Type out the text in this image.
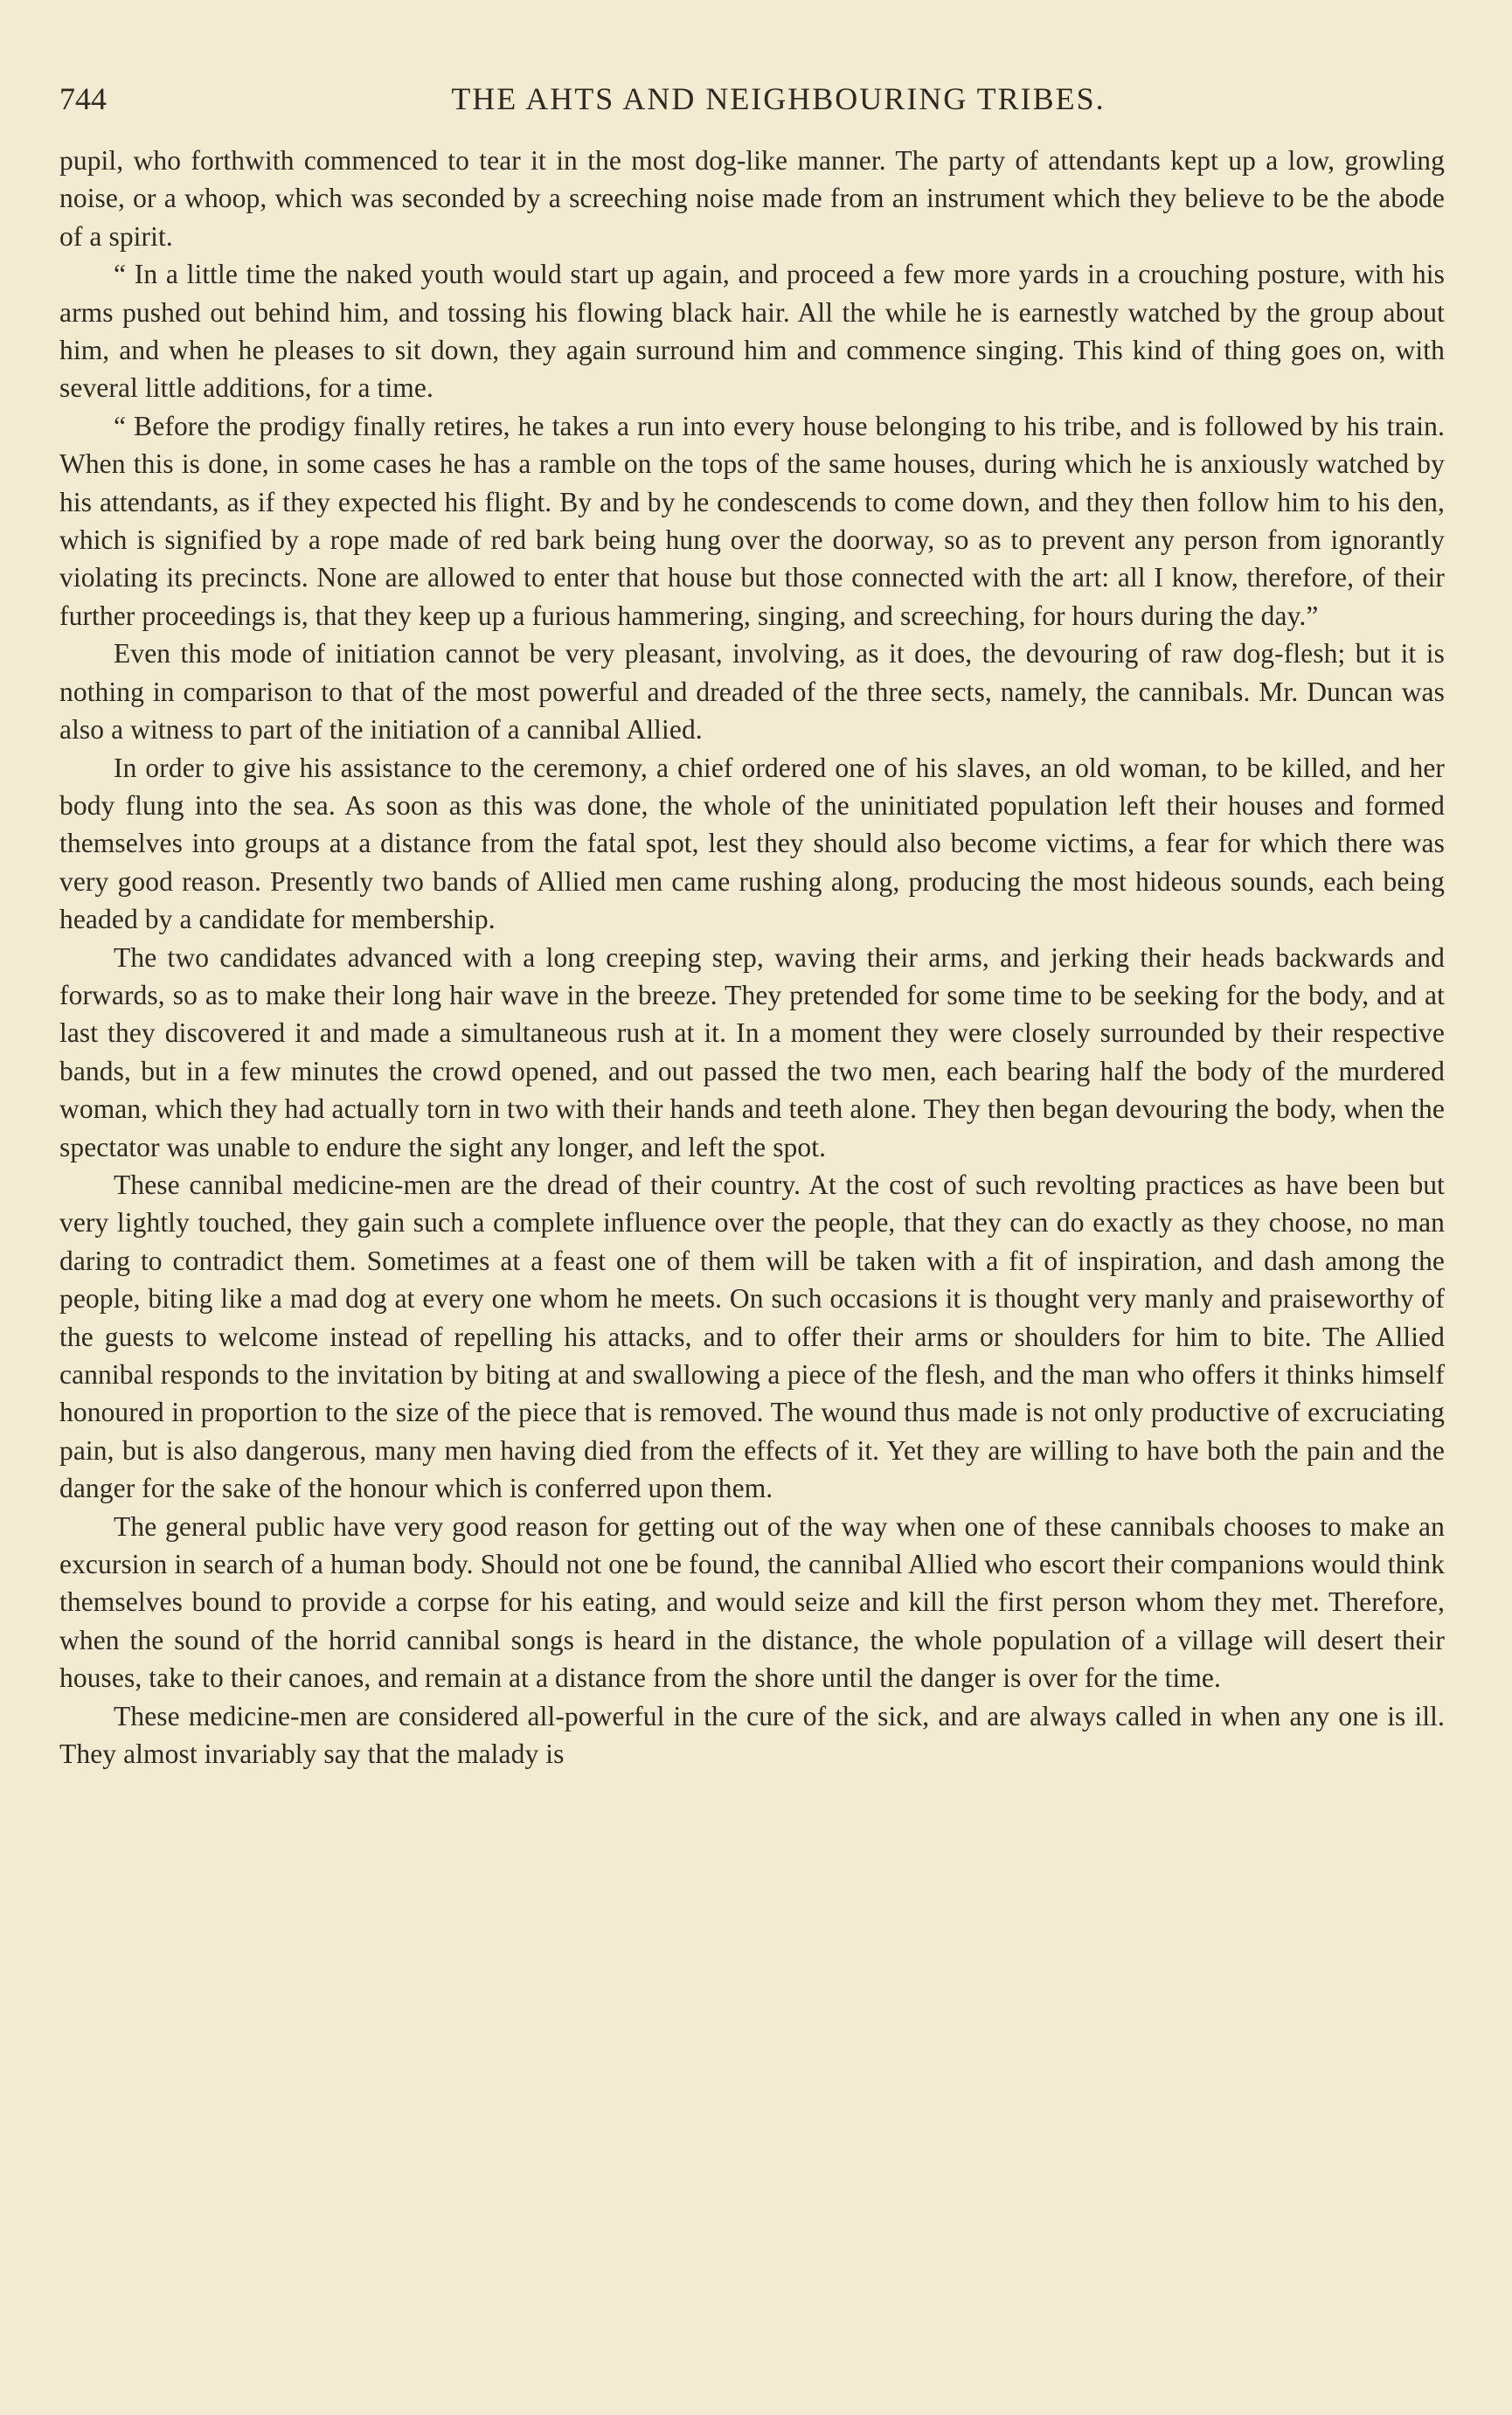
744	THE AHTS AND NEIGHBOURING TRIBES.

pupil, who forthwith commenced to tear it in the most dog-like manner. The party of attendants kept up a low, growling noise, or a whoop, which was seconded by a screeching noise made from an instrument which they believe to be the abode of a spirit.

“ In a little time the naked youth would start up again, and proceed a few more yards in a crouching posture, with his arms pushed out behind him, and tossing his flowing black hair. All the while he is earnestly watched by the group about him, and when he pleases to sit down, they again surround him and commence singing. This kind of thing goes on, with several little additions, for a time.

“ Before the prodigy finally retires, he takes a run into every house belonging to his tribe, and is followed by his train. When this is done, in some cases he has a ramble on the tops of the same houses, during which he is anxiously watched by his attendants, as if they expected his flight. By and by he condescends to come down, and they then follow him to his den, which is signified by a rope made of red bark being hung over the doorway, so as to prevent any person from ignorantly violating its precincts. None are allowed to enter that house but those connected with the art: all I know, therefore, of their further proceedings is, that they keep up a furious hammering, singing, and screeching, for hours during the day.”

Even this mode of initiation cannot be very pleasant, involving, as it does, the devouring of raw dog-flesh; but it is nothing in comparison to that of the most powerful and dreaded of the three sects, namely, the cannibals. Mr. Duncan was also a witness to part of the initiation of a cannibal Allied.

In order to give his assistance to the ceremony, a chief ordered one of his slaves, an old woman, to be killed, and her body flung into the sea. As soon as this was done, the whole of the uninitiated population left their houses and formed themselves into groups at a distance from the fatal spot, lest they should also become victims, a fear for which there was very good reason. Presently two bands of Allied men came rushing along, producing the most hideous sounds, each being headed by a candidate for membership.

The two candidates advanced with a long creeping step, waving their arms, and jerking their heads backwards and forwards, so as to make their long hair wave in the breeze. They pretended for some time to be seeking for the body, and at last they discovered it and made a simultaneous rush at it. In a moment they were closely surrounded by their respective bands, but in a few minutes the crowd opened, and out passed the two men, each bearing half the body of the murdered woman, which they had actually torn in two with their hands and teeth alone. They then began devouring the body, when the spectator was unable to endure the sight any longer, and left the spot.

These cannibal medicine-men are the dread of their country. At the cost of such revolting practices as have been but very lightly touched, they gain such a complete influence over the people, that they can do exactly as they choose, no man daring to contradict them. Sometimes at a feast one of them will be taken with a fit of inspiration, and dash among the people, biting like a mad dog at every one whom he meets. On such occasions it is thought very manly and praiseworthy of the guests to welcome instead of repelling his attacks, and to offer their arms or shoulders for him to bite. The Allied cannibal responds to the invitation by biting at and swallowing a piece of the flesh, and the man who offers it thinks himself honoured in proportion to the size of the piece that is removed. The wound thus made is not only productive of excruciating pain, but is also dangerous, many men having died from the effects of it. Yet they are willing to have both the pain and the danger for the sake of the honour which is conferred upon them.

The general public have very good reason for getting out of the way when one of these cannibals chooses to make an excursion in search of a human body. Should not one be found, the cannibal Allied who escort their companions would think themselves bound to provide a corpse for his eating, and would seize and kill the first person whom they met. Therefore, when the sound of the horrid cannibal songs is heard in the distance, the whole population of a village will desert their houses, take to their canoes, and remain at a distance from the shore until the danger is over for the time.

These medicine-men are considered all-powerful in the cure of the sick, and are always called in when any one is ill. They almost invariably say that the malady is
